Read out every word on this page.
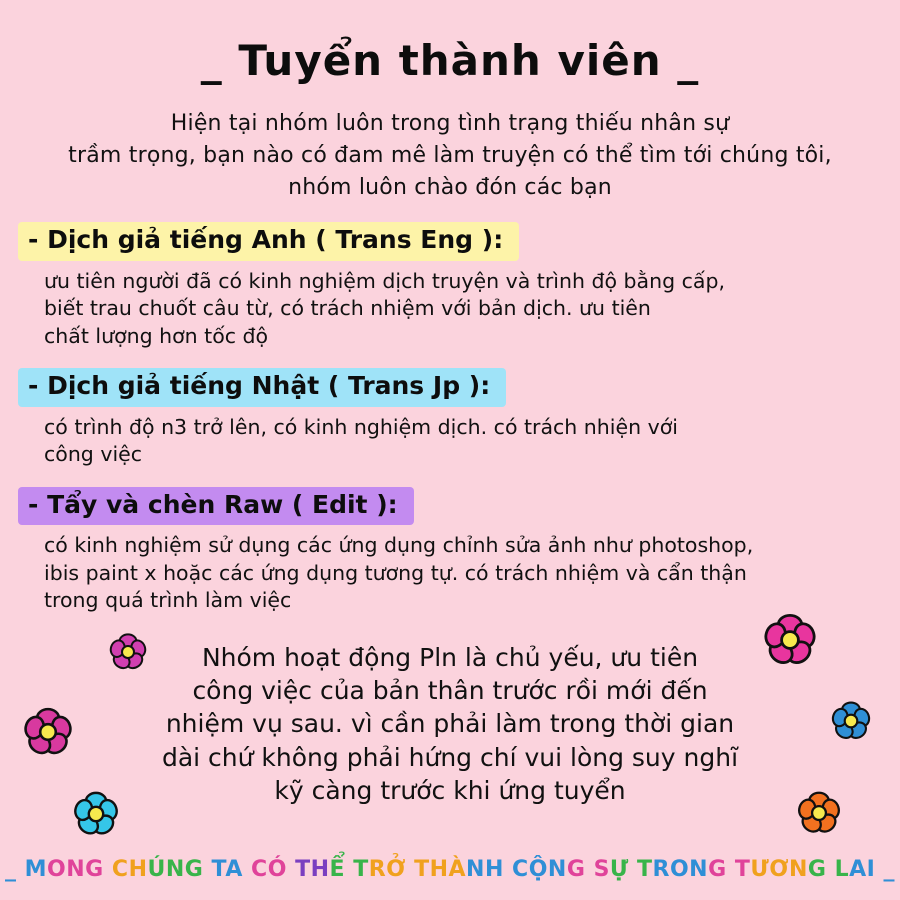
_ Tuyển thành viên _
Hiện tại nhóm luôn trong tình trạng thiếu nhân sự
trầm trọng, bạn nào có đam mê làm truyện có thể tìm tới chúng tôi,
nhóm luôn chào đón các bạn
- Dịch giả tiếng Anh ( Trans Eng ):
ưu tiên người đã có kinh nghiệm dịch truyện và trình độ bằng cấp,
biết trau chuốt câu từ, có trách nhiệm với bản dịch. ưu tiên
chất lượng hơn tốc độ
- Dịch giả tiếng Nhật ( Trans Jp ):
có trình độ n3 trở lên, có kinh nghiệm dịch. có trách nhiện với
công việc
- Tẩy và chèn Raw ( Edit ):
có kinh nghiệm sử dụng các ứng dụng chỉnh sửa ảnh như photoshop,
ibis paint x hoặc các ứng dụng tương tự. có trách nhiệm và cẩn thận
trong quá trình làm việc
Nhóm hoạt động Pln là chủ yếu, ưu tiên
công việc của bản thân trước rồi mới đến
nhiệm vụ sau. vì cần phải làm trong thời gian
dài chứ không phải hứng chí vui lòng suy nghĩ
kỹ càng trước khi ứng tuyển
_ MONG CHÚNG TA CÓ THỂ TRỞ THÀNH CỘNG SỰ TRONG TƯƠNG LAI _
